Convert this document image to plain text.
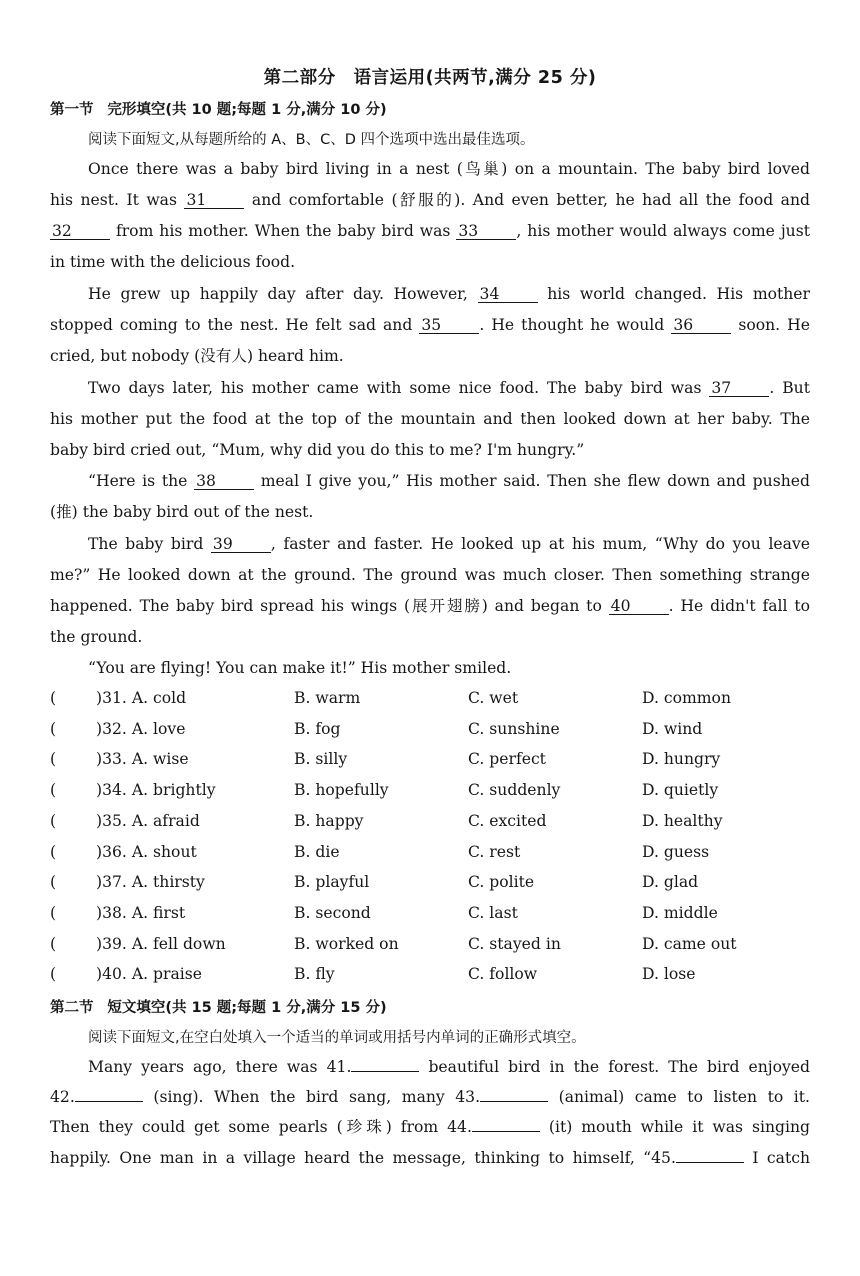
第二部分　语言运用(共两节,满分 25 分)
第一节 完形填空(共 10 题;每题 1 分,满分 10 分)
阅读下面短文,从每题所给的 A、B、C、D 四个选项中选出最佳选项。
Once there was a baby bird living in a nest (鸟巢) on a mountain. The baby bird loved
his nest. It was 31	and comfortable (舒服的). And even better, he had all the food and
32	from his mother. When the baby bird was 33 , his mother would always come just
in time with the delicious food.
He grew up happily day after day. However, 34	his world changed. His mother
stopped coming to the nest. He felt sad and 35 . He thought he would 36	soon. He
cried, but nobody (没有人) heard him.
Two days later, his mother came with some nice food. The baby bird was 37 . But
his mother put the food at the top of the mountain and then looked down at her baby. The
baby bird cried out, “Mum, why did you do this to me? I'm hungry.”
“Here is the 38	meal I give you,” His mother said. Then she flew down and pushed
(推) the baby bird out of the nest.
The baby bird 39 , faster and faster. He looked up at his mum, “Why do you leave
me?” He looked down at the ground. The ground was much closer. Then something strange
happened. The baby bird spread his wings (展开翅膀) and began to 40 . He didn't fall to
the ground.
“You are flying! You can make it!” His mother smiled.
(	)31. A. cold	B. warm	C. wet	D. common
(	)32. A. love	B. fog	C. sunshine	D. wind
(	)33. A. wise	B. silly	C. perfect	D. hungry
(	)34. A. brightly	B. hopefully	C. suddenly	D. quietly
(	)35. A. afraid	B. happy	C. excited	D. healthy
(	)36. A. shout	B. die	C. rest	D. guess
(	)37. A. thirsty	B. playful	C. polite	D. glad
(	)38. A. first	B. second	C. last	D. middle
(	)39. A. fell down	B. worked on	C. stayed in	D. came out
(	)40. A. praise	B. fly	C. follow	D. lose
第二节 短文填空(共 15 题;每题 1 分,满分 15 分)
阅读下面短文,在空白处填入一个适当的单词或用括号内单词的正确形式填空。
Many years ago, there was 41.	beautiful bird in the forest. The bird enjoyed
42.	(sing). When the bird sang, many 43.	(animal) came to listen to it.
Then they could get some pearls (珍珠) from 44.	(it) mouth while it was singing
happily. One man in a village heard the message, thinking to himself, “45.	I catch
